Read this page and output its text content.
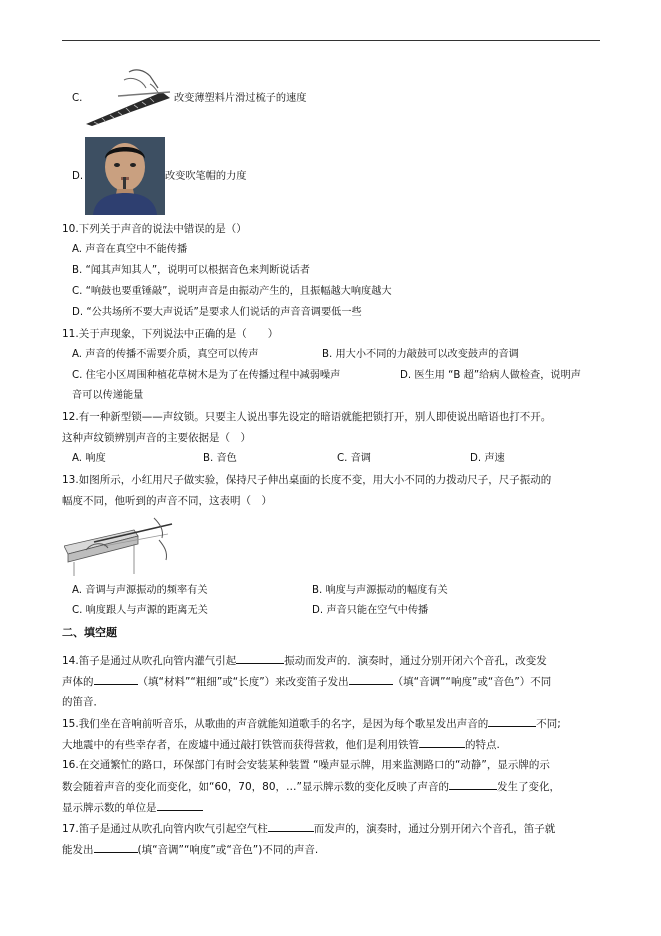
C.	改变薄塑料片滑过梳子的速度
D.	改变吹笔帽的力度
10.下列关于声音的说法中错误的是（）
A. 声音在真空中不能传播
B. “闻其声知其人”，说明可以根据音色来判断说话者
C. “响鼓也要重锤敲”，说明声音是由振动产生的，且振幅越大响度越大
D. “公共场所不要大声说话”是要求人们说话的声音音调要低一些
11.关于声现象，下列说法中正确的是（　　）
A. 声音的传播不需要介质，真空可以传声	B. 用大小不同的力敲鼓可以改变鼓声的音调
C. 住宅小区周围种植花草树木是为了在传播过程中减弱噪声	D. 医生用 “B 超”给病人做检查，说明声
音可以传递能量
12.有一种新型锁——声纹锁。只要主人说出事先设定的暗语就能把锁打开，别人即使说出暗语也打不开。
这种声纹锁辨别声音的主要依据是（　）
A. 响度	B. 音色	C. 音调	D. 声速
13.如图所示，小红用尺子做实验，保持尺子伸出桌面的长度不变，用大小不同的力拨动尺子，尺子振动的
幅度不同，他听到的声音不同，这表明（　）
A. 音调与声源振动的频率有关	B. 响度与声源振动的幅度有关
C. 响度跟人与声源的距离无关	D. 声音只能在空气中传播
二、填空题
14.笛子是通过从吹孔向管内灌气引起	振动而发声的．演奏时，通过分别开闭六个音孔，改变发
声体的	（填“材料”“粗细”或“长度”）来改变笛子发出	（填“音调”“响度”或“音色”）不同
的笛音．
15.我们坐在音响前听音乐，从歌曲的声音就能知道歌手的名字，是因为每个歌星发出声音的	不同;
大地震中的有些幸存者，在废墟中通过敲打铁管而获得营救，他们是利用铁管	的特点.
16.在交通繁忙的路口，环保部门有时会安装某种装置 “噪声显示牌，用来监测路口的“动静”，显示牌的示
数会随着声音的变化而变化，如“60，70，80，…”显示牌示数的变化反映了声音的	发生了变化，
显示牌示数的单位是
17.笛子是通过从吹孔向管内吹气引起空气柱	而发声的，演奏时，通过分别开闭六个音孔，笛子就
能发出	(填“音调”“响度”或“音色”)不同的声音.
